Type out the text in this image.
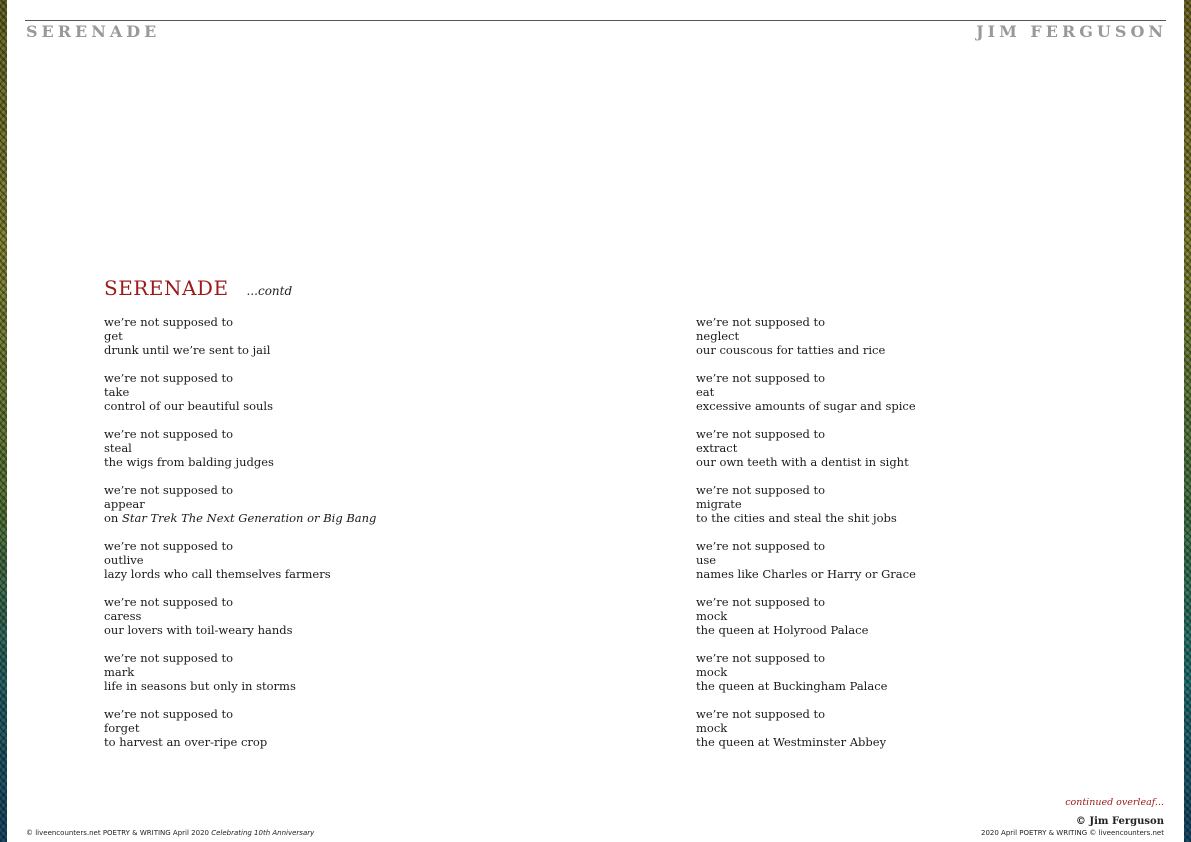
SERENADE	JIM FERGUSON
SERENADE ...contd
we’re not supposed to
get
drunk until we’re sent to jail
we’re not supposed to
take
control of our beautiful souls
we’re not supposed to
steal
the wigs from balding judges
we’re not supposed to
appear
on Star Trek The Next Generation or Big Bang
we’re not supposed to
outlive
lazy lords who call themselves farmers
we’re not supposed to
caress
our lovers with toil-weary hands
we’re not supposed to
mark
life in seasons but only in storms
we’re not supposed to
forget
to harvest an over-ripe crop
we’re not supposed to
neglect
our couscous for tatties and rice
we’re not supposed to
eat
excessive amounts of sugar and spice
we’re not supposed to
extract
our own teeth with a dentist in sight
we’re not supposed to
migrate
to the cities and steal the shit jobs
we’re not supposed to
use
names like Charles or Harry or Grace
we’re not supposed to
mock
the queen at Holyrood Palace
we’re not supposed to
mock
the queen at Buckingham Palace
we’re not supposed to
mock
the queen at Westminster Abbey
continued overleaf...
© Jim Ferguson
© liveencounters.net POETRY & WRITING April 2020 Celebrating 10th Anniversary	2020 April POETRY & WRITING © liveencounters.net
